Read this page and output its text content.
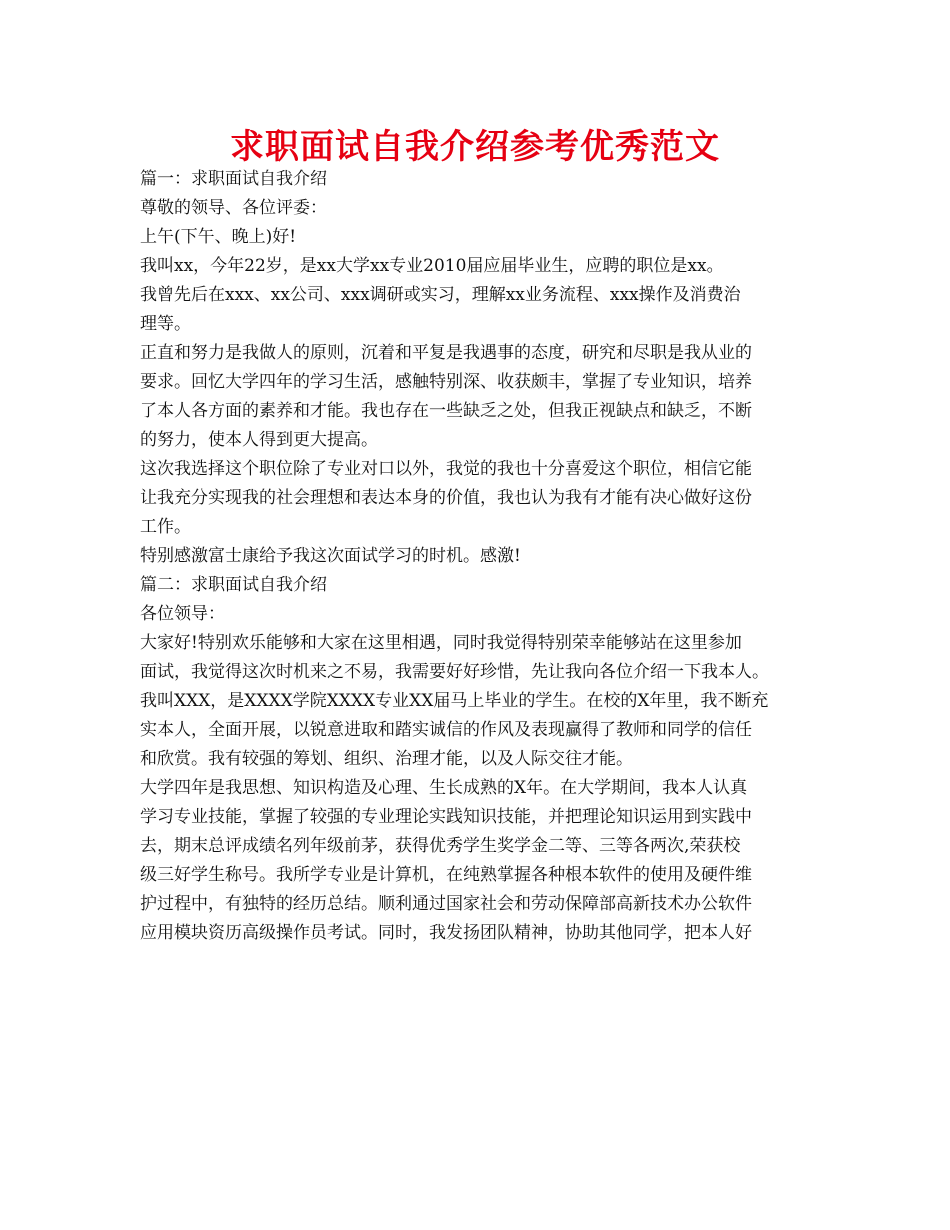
求职面试自我介绍参考优秀范文
篇一：求职面试自我介绍
尊敬的领导、各位评委：
上午(下午、晚上)好!
我叫xx，今年22岁，是xx大学xx专业2010届应届毕业生，应聘的职位是xx。
我曾先后在xxx、xx公司、xxx调研或实习，理解xx业务流程、xxx操作及消费治
理等。
正直和努力是我做人的原则，沉着和平复是我遇事的态度，研究和尽职是我从业的
要求。回忆大学四年的学习生活，感触特别深、收获颇丰，掌握了专业知识，培养
了本人各方面的素养和才能。我也存在一些缺乏之处，但我正视缺点和缺乏，不断
的努力，使本人得到更大提高。
这次我选择这个职位除了专业对口以外，我觉的我也十分喜爱这个职位，相信它能
让我充分实现我的社会理想和表达本身的价值，我也认为我有才能有决心做好这份
工作。
特别感激富士康给予我这次面试学习的时机。感激!
篇二：求职面试自我介绍
各位领导：
大家好!特别欢乐能够和大家在这里相遇，同时我觉得特别荣幸能够站在这里参加
面试，我觉得这次时机来之不易，我需要好好珍惜，先让我向各位介绍一下我本人。
我叫XXX，是XXXX学院XXXX专业XX届马上毕业的学生。在校的X年里，我不断充
实本人，全面开展，以锐意进取和踏实诚信的作风及表现赢得了教师和同学的信任
和欣赏。我有较强的筹划、组织、治理才能，以及人际交往才能。
大学四年是我思想、知识构造及心理、生长成熟的X年。在大学期间，我本人认真
学习专业技能，掌握了较强的专业理论实践知识技能，并把理论知识运用到实践中
去，期末总评成绩名列年级前茅，获得优秀学生奖学金二等、三等各两次,荣获校
级三好学生称号。我所学专业是计算机，在纯熟掌握各种根本软件的使用及硬件维
护过程中，有独特的经历总结。顺利通过国家社会和劳动保障部高新技术办公软件
应用模块资历高级操作员考试。同时，我发扬团队精神，协助其他同学，把本人好
